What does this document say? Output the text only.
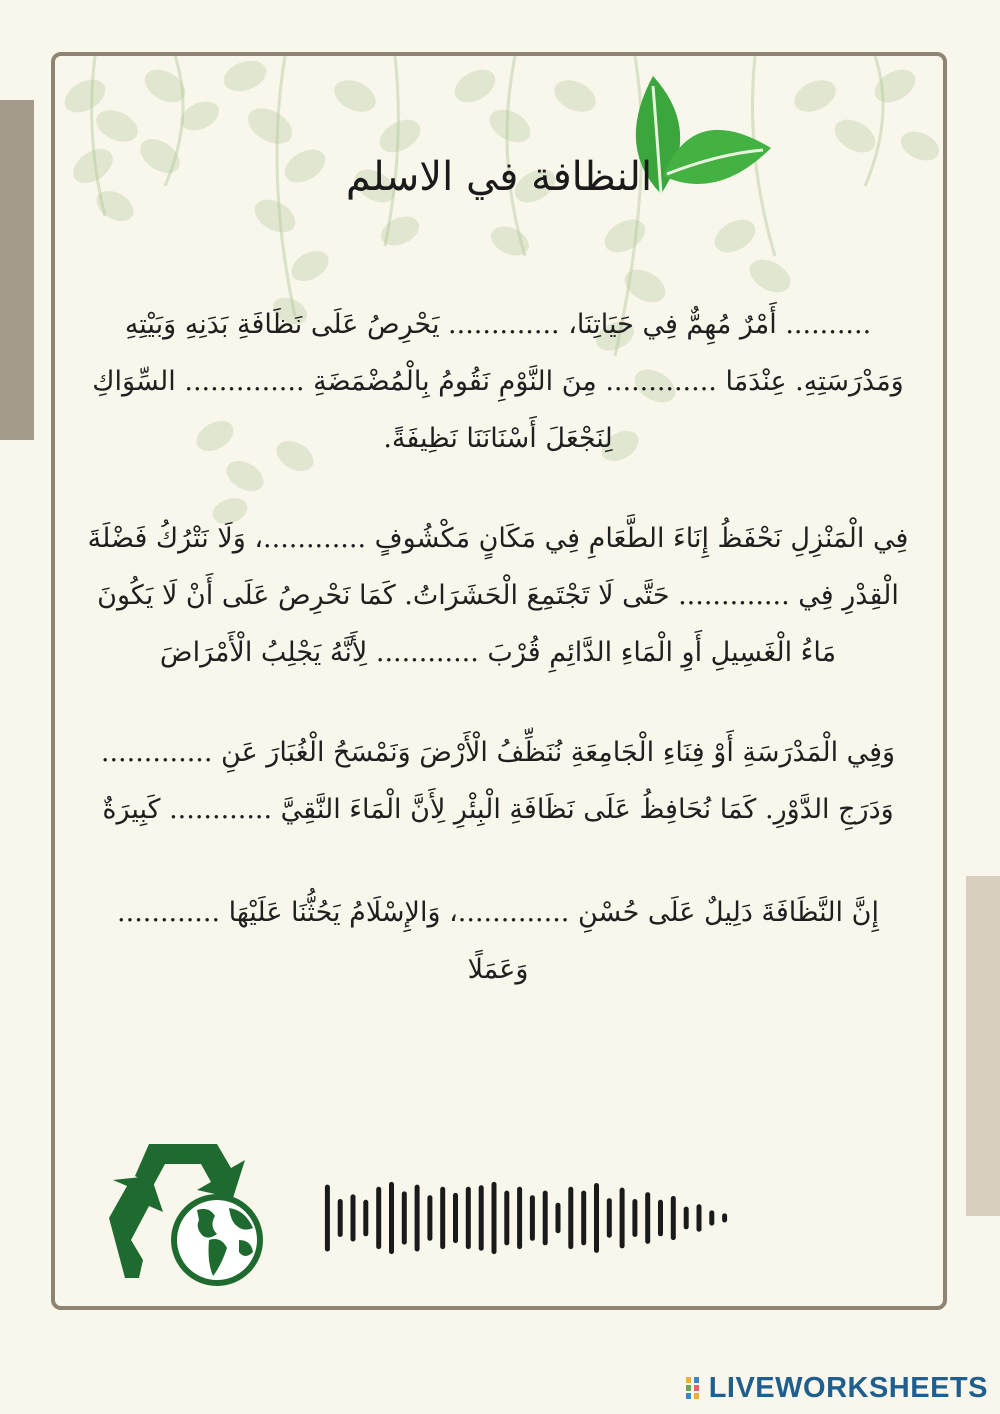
النظافة في الاسلم

.......... أَمْرٌ مُهِمٌّ فِي حَيَاتِنَا، ............. يَحْرِصُ عَلَى نَظَافَةِ بَدَنِهِ وَبَيْتِهِ وَمَدْرَسَتِهِ. عِنْدَمَا ............. مِنَ النَّوْمِ نَقُومُ بِالْمُضْمَضَةِ .............. السِّوَاكِ لِنَجْعَلَ أَسْنَانَنَا نَظِيفَةً.

فِي الْمَنْزِلِ نَحْفَظُ إِنَاءَ الطَّعَامِ فِي مَكَانٍ مَكْشُوفٍ ............، وَلَا نَتْرُكُ فَضْلَةَ الْقِدْرِ فِي ............. حَتَّى لَا تَجْتَمِعَ الْحَشَرَاتُ. كَمَا نَحْرِصُ عَلَى أَنْ لَا يَكُونَ مَاءُ الْغَسِيلِ أَوِ الْمَاءِ الدَّائِمِ قُرْبَ ............ لِأَنَّهُ يَجْلِبُ الْأَمْرَاضَ

وَفِي الْمَدْرَسَةِ أَوْ فِنَاءِ الْجَامِعَةِ نُنَظِّفُ الْأَرْضَ وَنَمْسَحُ الْغُبَارَ عَنِ ............. وَدَرَجِ الدَّوْرِ. كَمَا نُحَافِظُ عَلَى نَظَافَةِ الْبِئْرِ لِأَنَّ الْمَاءَ النَّقِيَّ ............ كَبِيرَةٌ

إِنَّ النَّظَافَةَ دَلِيلٌ عَلَى حُسْنِ .............، وَالإِسْلَامُ يَحُثُّنَا عَلَيْهَا ............ وَعَمَلًا

LIVEWORKSHEETS
